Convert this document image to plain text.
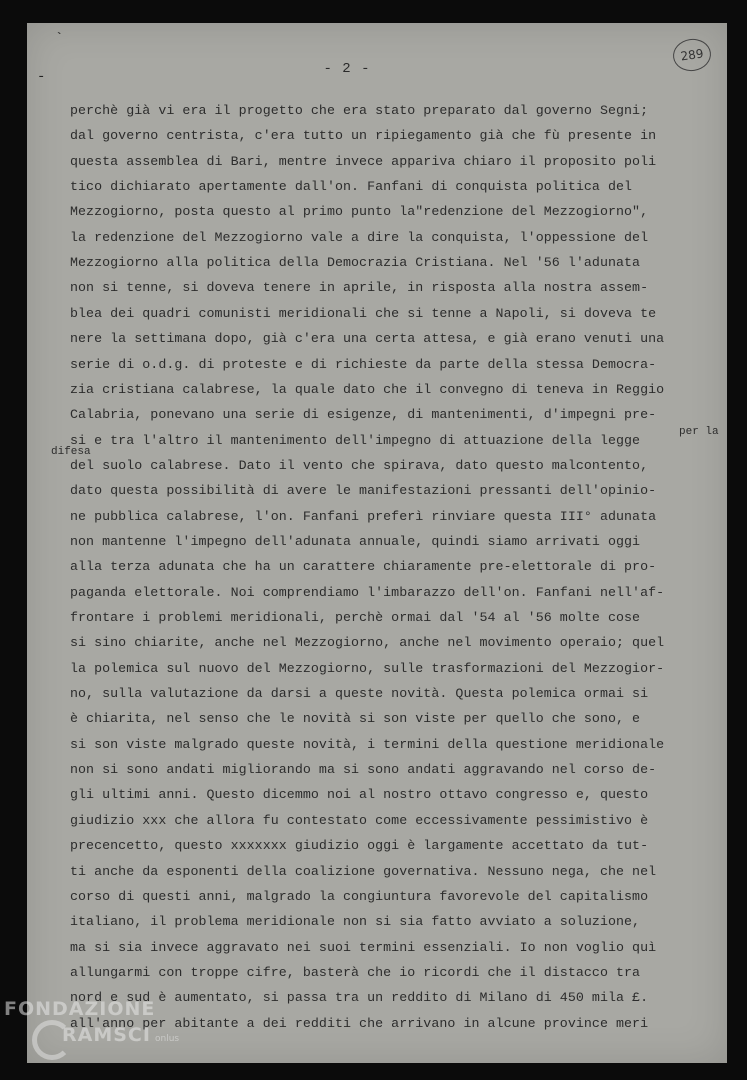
`
-	- 2 -
289
perchè già vi era il progetto che era stato preparato dal governo Segni;
dal governo centrista, c'era tutto un ripiegamento già che fù presente in
questa assemblea di Bari, mentre invece appariva chiaro il proposito poli
tico dichiarato apertamente dall'on. Fanfani di conquista politica del
Mezzogiorno, posta questo al primo punto la"redenzione del Mezzogiorno",
la redenzione del Mezzogiorno vale a dire la conquista, l'oppessione del
Mezzogiorno alla politica della Democrazia Cristiana. Nel '56 l'adunata
non si tenne, si doveva tenere in aprile, in risposta alla nostra assem-
blea dei quadri comunisti meridionali che si tenne a Napoli, si doveva te
nere la settimana dopo, già c'era una certa attesa, e già erano venuti una
serie di o.d.g. di proteste e di richieste da parte della stessa Democra-
zia cristiana calabrese, la quale dato che il convegno di teneva in Reggio
Calabria, ponevano una serie di esigenze, di mantenimenti, d'impegni pre-
si e tra l'altro il mantenimento dell'impegno di attuazione della legge
del suolo calabrese. Dato il vento che spirava, dato questo malcontento,
dato questa possibilità di avere le manifestazioni pressanti dell'opinio-
ne pubblica calabrese, l'on. Fanfani preferì rinviare questa III° adunata
non mantenne l'impegno dell'adunata annuale, quindi siamo arrivati oggi
alla terza adunata che ha un carattere chiaramente pre-elettorale di pro-
paganda elettorale. Noi comprendiamo l'imbarazzo dell'on. Fanfani nell'af-
frontare i problemi meridionali, perchè ormai dal '54 al '56 molte cose
si sino chiarite, anche nel Mezzogiorno, anche nel movimento operaio; quel
la polemica sul nuovo del Mezzogiorno, sulle trasformazioni del Mezzogior-
no, sulla valutazione da darsi a queste novità. Questa polemica ormai si
è chiarita, nel senso che le novità si son viste per quello che sono, e
si son viste malgrado queste novità, i termini della questione meridionale
non si sono andati migliorando ma si sono andati aggravando nel corso de-
gli ultimi anni. Questo dicemmo noi al nostro ottavo congresso e, questo
giudizio xxx che allora fu contestato come eccessivamente pessimistivo è
precencetto, questo xxxxxxx giudizio oggi è largamente accettato da tut-
ti anche da esponenti della coalizione governativa. Nessuno nega, che nel
corso di questi anni, malgrado la congiuntura favorevole del capitalismo
italiano, il problema meridionale non si sia fatto avviato a soluzione,
ma si sia invece aggravato nei suoi termini essenziali. Io non voglio quì
allungarmi con troppe cifre, basterà che io ricordi che il distacco tra
nord e sud è aumentato, si passa tra un reddito di Milano di 450 mila £.
all'anno per abitante a dei redditi che arrivano in alcune province meri
per la
difesa
FONDAZIONE
RAMSCI onlus
